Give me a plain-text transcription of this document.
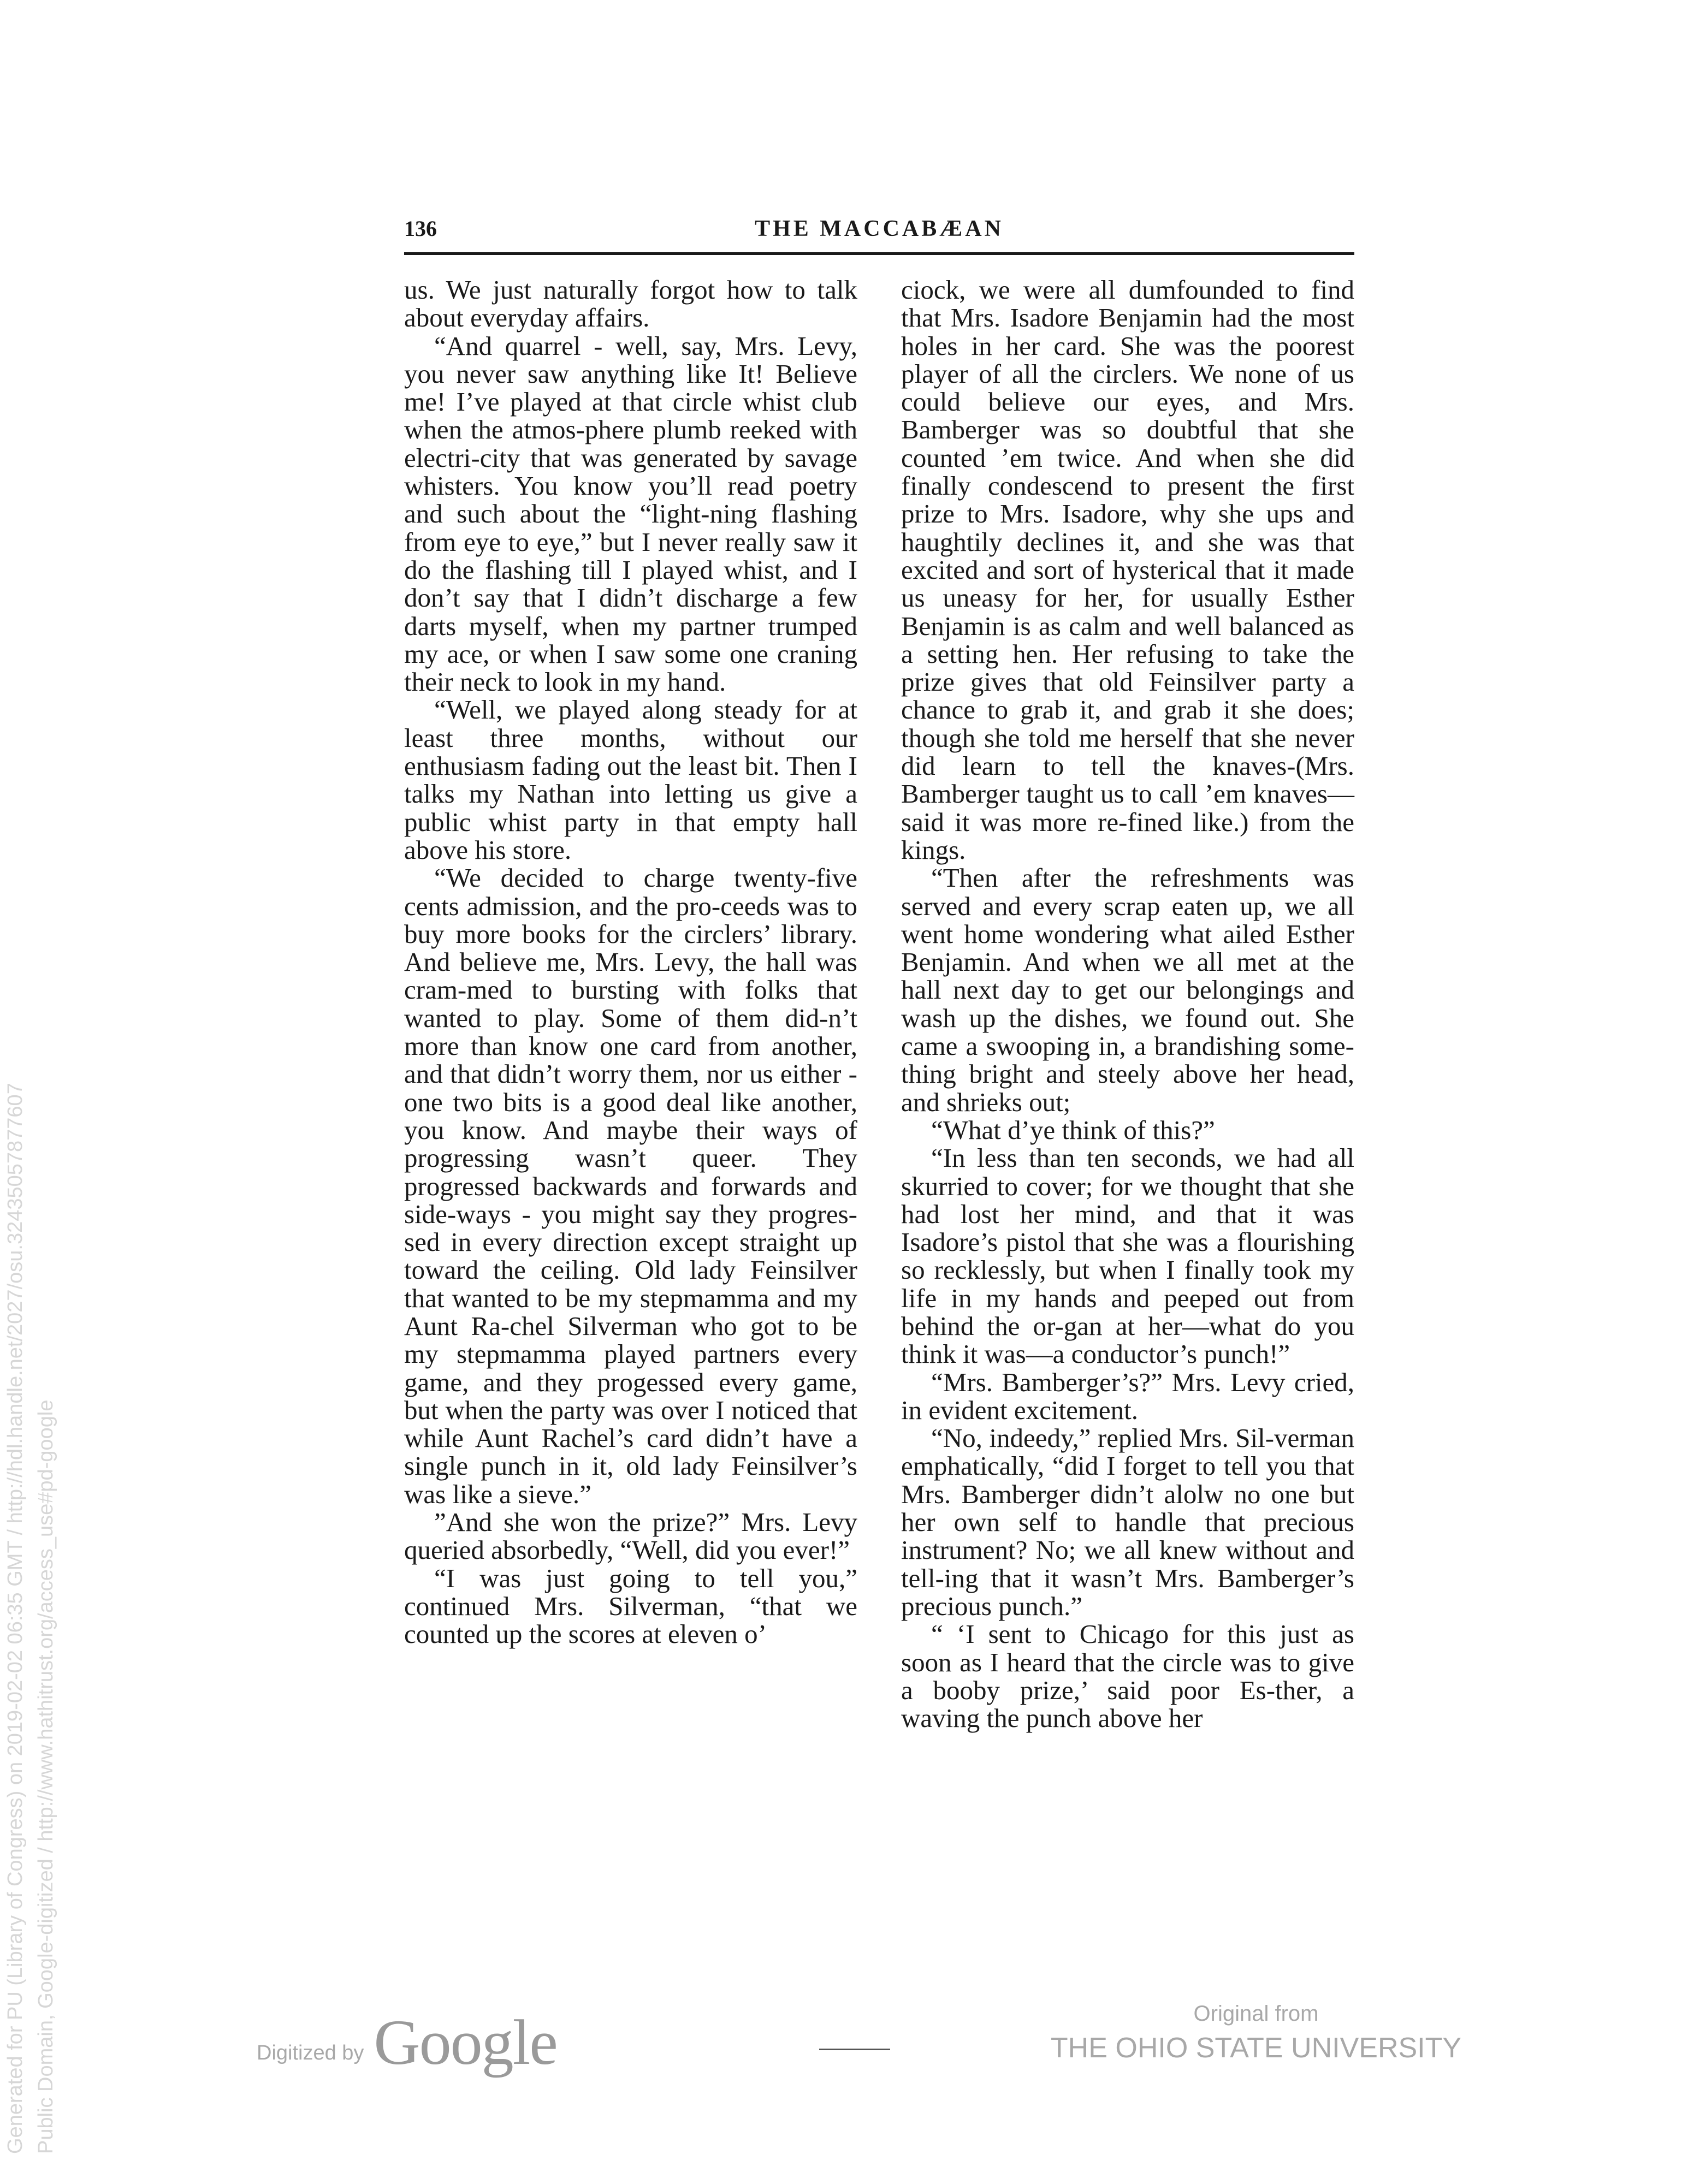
136	THE MACCABÆAN

us. We just naturally forgot how to talk about everyday affairs.

“And quarrel - well, say, Mrs. Levy, you never saw anything like It! Believe me! I’ve played at that circle whist club when the atmos-phere plumb reeked with electri-city that was generated by savage whisters. You know you’ll read poetry and such about the “light-ning flashing from eye to eye,” but I never really saw it do the flashing till I played whist, and I don’t say that I didn’t discharge a few darts myself, when my partner trumped my ace, or when I saw some one craning their neck to look in my hand.

“Well, we played along steady for at least three months, without our enthusiasm fading out the least bit. Then I talks my Nathan into letting us give a public whist party in that empty hall above his store.

“We decided to charge twenty-five cents admission, and the pro-ceeds was to buy more books for the circlers’ library. And believe me, Mrs. Levy, the hall was cram-med to bursting with folks that wanted to play. Some of them did-n’t more than know one card from another, and that didn’t worry them, nor us either - one two bits is a good deal like another, you know. And maybe their ways of progressing wasn’t queer. They progressed backwards and forwards and side-ways - you might say they progres-sed in every direction except straight up toward the ceiling. Old lady Feinsilver that wanted to be my stepmamma and my Aunt Ra-chel Silverman who got to be my stepmamma played partners every game, and they progessed every game, but when the party was over I noticed that while Aunt Rachel’s card didn’t have a single punch in it, old lady Feinsilver’s was like a sieve.”

”And she won the prize?” Mrs. Levy queried absorbedly, “Well, did you ever!”

“I was just going to tell you,” continued Mrs. Silverman, “that we counted up the scores at eleven o’

ciock, we were all dumfounded to find that Mrs. Isadore Benjamin had the most holes in her card. She was the poorest player of all the circlers. We none of us could believe our eyes, and Mrs. Bamberger was so doubtful that she counted ’em twice. And when she did finally condescend to present the first prize to Mrs. Isadore, why she ups and haughtily declines it, and she was that excited and sort of hysterical that it made us uneasy for her, for usually Esther Benjamin is as calm and well balanced as a setting hen. Her refusing to take the prize gives that old Feinsilver party a chance to grab it, and grab it she does; though she told me herself that she never did learn to tell the knaves-(Mrs. Bamberger taught us to call ’em knaves—said it was more re-fined like.) from the kings.

“Then after the refreshments was served and every scrap eaten up, we all went home wondering what ailed Esther Benjamin. And when we all met at the hall next day to get our belongings and wash up the dishes, we found out. She came a swooping in, a brandishing some-thing bright and steely above her head, and shrieks out;

“What d’ye think of this?”

“In less than ten seconds, we had all skurried to cover; for we thought that she had lost her mind, and that it was Isadore’s pistol that she was a flourishing so recklessly, but when I finally took my life in my hands and peeped out from behind the or-gan at her—what do you think it was—a conductor’s punch!”

“Mrs. Bamberger’s?” Mrs. Levy cried, in evident excitement.

“No, indeedy,” replied Mrs. Sil-verman emphatically, “did I forget to tell you that Mrs. Bamberger didn’t alolw no one but her own self to handle that precious instrument? No; we all knew without and tell-ing that it wasn’t Mrs. Bamberger’s precious punch.”

“ ‘I sent to Chicago for this just as soon as I heard that the circle was to give a booby prize,’ said poor Es-ther, a waving the punch above her

Generated for PU (Library of Congress) on 2019-02-02 06:35 GMT / http://hdl.handle.net/2027/osu.32435057877607 Public Domain, Google-digitized / http://www.hathitrust.org/access_use#pd-google	Digitized by Google	Original from
THE OHIO STATE UNIVERSITY
